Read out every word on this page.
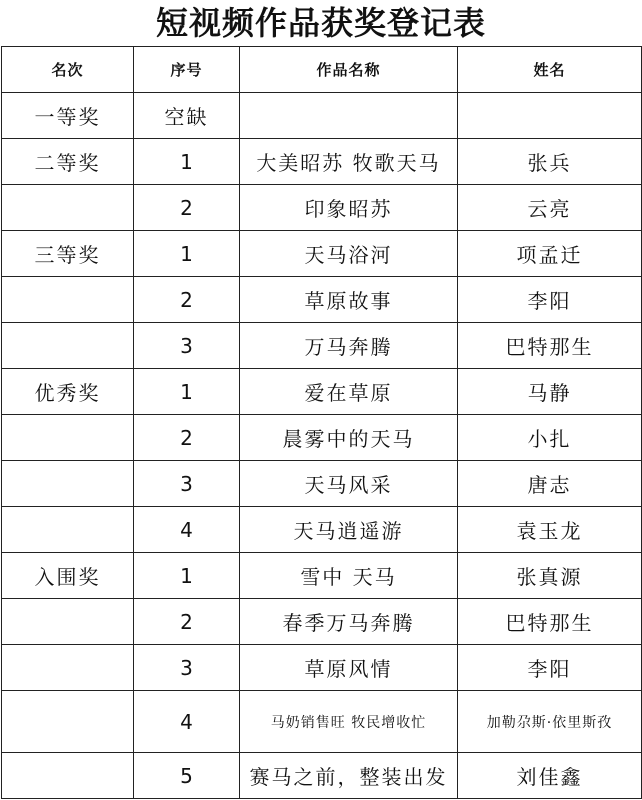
短视频作品获奖登记表
名次	序号	作品名称	姓名
一等奖	空缺		
二等奖	1	大美昭苏 牧歌天马	张兵
	2	印象昭苏	云亮
三等奖	1	天马浴河	项孟迁
	2	草原故事	李阳
	3	万马奔腾	巴特那生
优秀奖	1	爱在草原	马静
	2	晨雾中的天马	小扎
	3	天马风采	唐志
	4	天马逍遥游	袁玉龙
入围奖	1	雪中 天马	张真源
	2	春季万马奔腾	巴特那生
	3	草原风情	李阳
	4	马奶销售旺 牧民增收忙	加勒尕斯·依里斯孜
	5	赛马之前，整装出发	刘佳鑫
